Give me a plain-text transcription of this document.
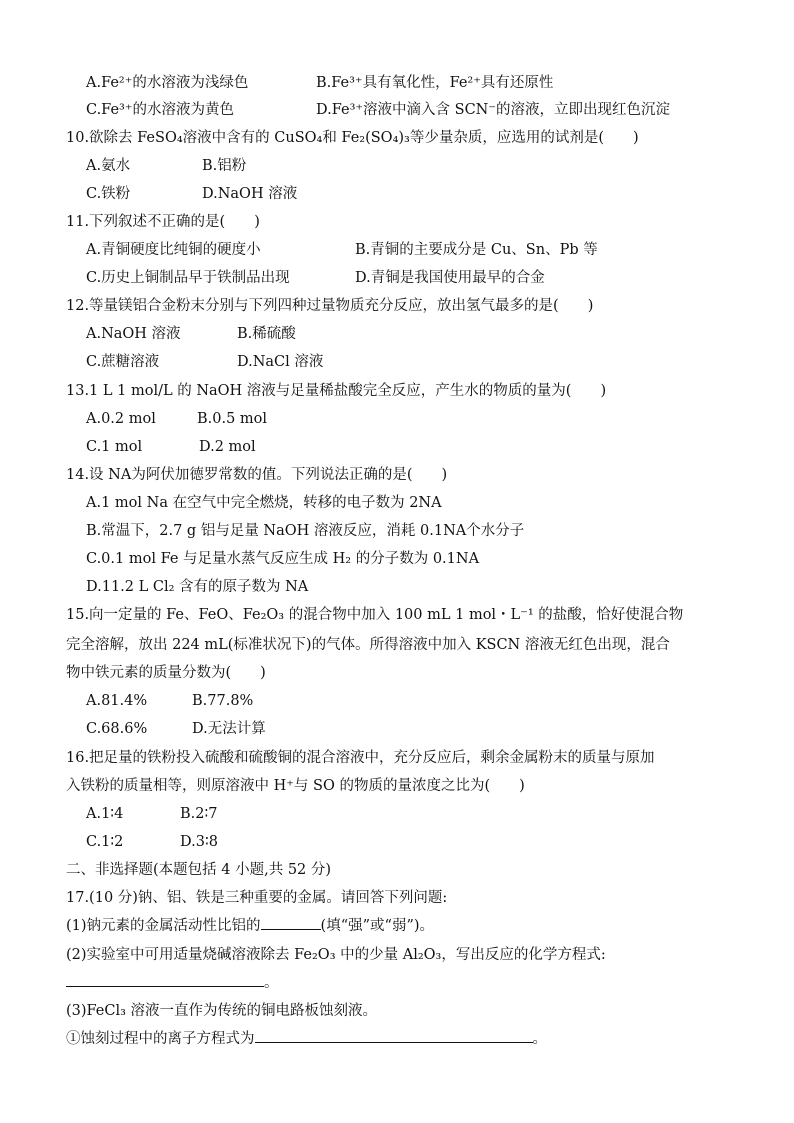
A.Fe²⁺的水溶液为浅绿色	B.Fe³⁺具有氧化性，Fe²⁺具有还原性
C.Fe³⁺的水溶液为黄色	D.Fe³⁺溶液中滴入含 SCN⁻的溶液，立即出现红色沉淀
10.欲除去 FeSO₄溶液中含有的 CuSO₄和 Fe₂(SO₄)₃等少量杂质，应选用的试剂是(　　)
A.氨水	B.铝粉
C.铁粉	D.NaOH 溶液
11.下列叙述不正确的是(　　)
A.青铜硬度比纯铜的硬度小	B.青铜的主要成分是 Cu、Sn、Pb 等
C.历史上铜制品早于铁制品出现	D.青铜是我国使用最早的合金
12.等量镁铝合金粉末分别与下列四种过量物质充分反应，放出氢气最多的是(　　)
A.NaOH 溶液	B.稀硫酸
C.蔗糖溶液	D.NaCl 溶液
13.1 L 1 mol/L 的 NaOH 溶液与足量稀盐酸完全反应，产生水的物质的量为(　　)
A.0.2 mol	B.0.5 mol
C.1 mol	D.2 mol
14.设 NA为阿伏加德罗常数的值。下列说法正确的是(　　)
A.1 mol Na 在空气中完全燃烧，转移的电子数为 2NA
B.常温下，2.7 g 铝与足量 NaOH 溶液反应，消耗 0.1NA个水分子
C.0.1 mol Fe 与足量水蒸气反应生成 H₂ 的分子数为 0.1NA
D.11.2 L Cl₂ 含有的原子数为 NA
15.向一定量的 Fe、FeO、Fe₂O₃ 的混合物中加入 100 mL 1 mol・L⁻¹ 的盐酸，恰好使混合物
完全溶解，放出 224 mL(标准状况下)的气体。所得溶液中加入 KSCN 溶液无红色出现，混合
物中铁元素的质量分数为(　　)
A.81.4%	B.77.8%
C.68.6%	D.无法计算
16.把足量的铁粉投入硫酸和硫酸铜的混合溶液中，充分反应后，剩余金属粉末的质量与原加
入铁粉的质量相等，则原溶液中 H⁺与 SO 的物质的量浓度之比为(　　)
A.1∶4	B.2∶7
C.1∶2	D.3∶8
二、非选择题(本题包括 4 小题,共 52 分)
17.(10 分)钠、铝、铁是三种重要的金属。请回答下列问题:
(1)钠元素的金属活动性比铝的	(填“强”或“弱”)。
(2)实验室中可用适量烧碱溶液除去 Fe₂O₃ 中的少量 Al₂O₃，写出反应的化学方程式:
。
(3)FeCl₃ 溶液一直作为传统的铜电路板蚀刻液。
①蚀刻过程中的离子方程式为	。
